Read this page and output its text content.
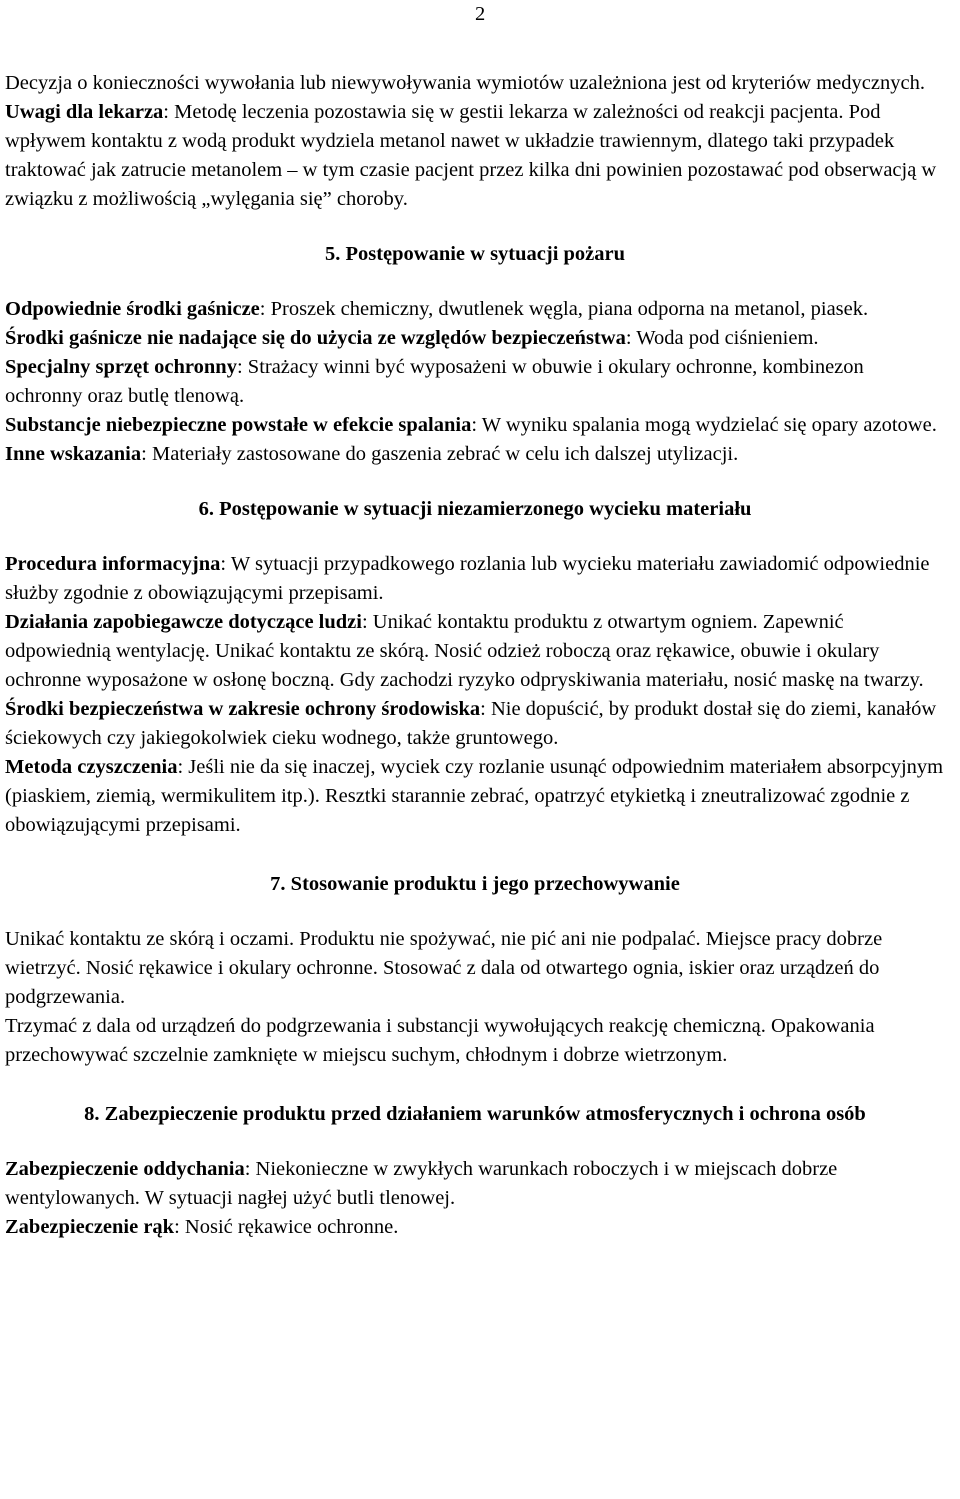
2

Decyzja o konieczności wywołania lub niewywoływania wymiotów uzależniona jest od kryteriów medycznych.

Uwagi dla lekarza: Metodę leczenia pozostawia się w gestii lekarza w zależności od reakcji pacjenta. Pod wpływem kontaktu z wodą produkt wydziela metanol nawet w układzie trawiennym, dlatego taki przypadek traktować jak zatrucie metanolem – w tym czasie pacjent przez kilka dni powinien pozostawać pod obserwacją w związku z możliwością „wylęgania się” choroby.

5. Postępowanie w sytuacji pożaru

Odpowiednie środki gaśnicze: Proszek chemiczny, dwutlenek węgla, piana odporna na metanol, piasek.

Środki gaśnicze nie nadające się do użycia ze względów bezpieczeństwa: Woda pod ciśnieniem.

Specjalny sprzęt ochronny: Strażacy winni być wyposażeni w obuwie i okulary ochronne, kombinezon ochronny oraz butlę tlenową.

Substancje niebezpieczne powstałe w efekcie spalania: W wyniku spalania mogą wydzielać się opary azotowe.

Inne wskazania: Materiały zastosowane do gaszenia zebrać w celu ich dalszej utylizacji.

6. Postępowanie w sytuacji niezamierzonego wycieku materiału

Procedura informacyjna: W sytuacji przypadkowego rozlania lub wycieku materiału zawiadomić odpowiednie służby zgodnie z obowiązującymi przepisami.

Działania zapobiegawcze dotyczące ludzi: Unikać kontaktu produktu z otwartym ogniem. Zapewnić odpowiednią wentylację. Unikać kontaktu ze skórą. Nosić odzież roboczą oraz rękawice, obuwie i okulary ochronne wyposażone w osłonę boczną. Gdy zachodzi ryzyko odpryskiwania materiału, nosić maskę na twarzy.

Środki bezpieczeństwa w zakresie ochrony środowiska: Nie dopuścić, by produkt dostał się do ziemi, kanałów ściekowych czy jakiegokolwiek cieku wodnego, także gruntowego.

Metoda czyszczenia: Jeśli nie da się inaczej, wyciek czy rozlanie usunąć odpowiednim materiałem absorpcyjnym (piaskiem, ziemią, wermikulitem itp.). Resztki starannie zebrać, opatrzyć etykietką i zneutralizować zgodnie z obowiązującymi przepisami.

7. Stosowanie produktu i jego przechowywanie

Unikać kontaktu ze skórą i oczami. Produktu nie spożywać, nie pić ani nie podpalać. Miejsce pracy dobrze wietrzyć. Nosić rękawice i okulary ochronne. Stosować z dala od otwartego ognia, iskier oraz urządzeń do podgrzewania.

Trzymać z dala od urządzeń do podgrzewania i substancji wywołujących reakcję chemiczną. Opakowania przechowywać szczelnie zamknięte w miejscu suchym, chłodnym i dobrze wietrzonym.

8. Zabezpieczenie produktu przed działaniem warunków atmosferycznych i ochrona osób

Zabezpieczenie oddychania: Niekonieczne w zwykłych warunkach roboczych i w miejscach dobrze wentylowanych. W sytuacji nagłej użyć butli tlenowej.

Zabezpieczenie rąk: Nosić rękawice ochronne.
